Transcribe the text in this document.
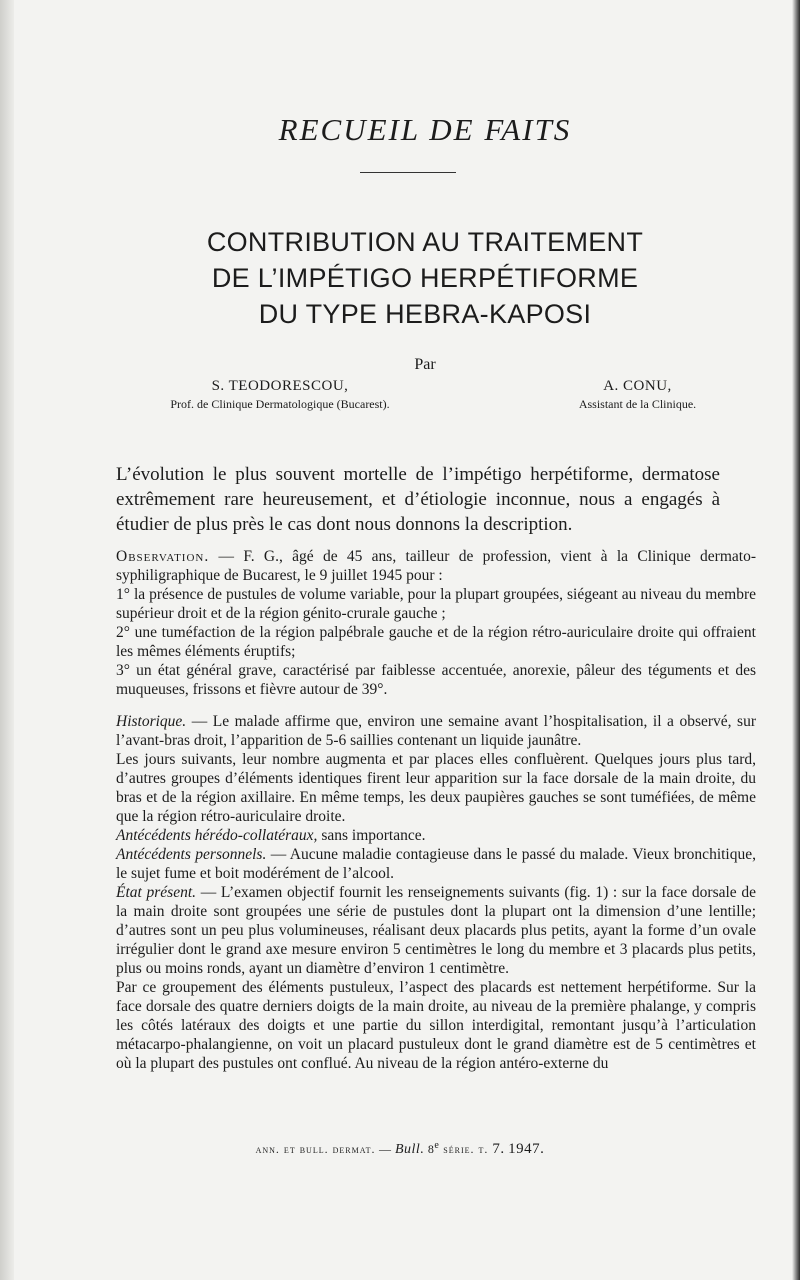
RECUEIL DE FAITS
CONTRIBUTION AU TRAITEMENT
DE L’IMPÉTIGO HERPÉTIFORME
DU TYPE HEBRA-KAPOSI
Par
S. TEODORESCOU,
Prof. de Clinique Dermatologique (Bucarest).
A. CONU,
Assistant de la Clinique.
L’évolution le plus souvent mortelle de l’impétigo herpétiforme, dermatose extrêmement rare heureusement, et d’étiologie inconnue, nous a engagés à étudier de plus près le cas dont nous donnons la description.

Observation. — F. G., âgé de 45 ans, tailleur de profession, vient à la Clinique dermato-syphiligraphique de Bucarest, le 9 juillet 1945 pour :

1° la présence de pustules de volume variable, pour la plupart groupées, siégeant au niveau du membre supérieur droit et de la région génito-crurale gauche ;

2° une tuméfaction de la région palpébrale gauche et de la région rétro-auriculaire droite qui offraient les mêmes éléments éruptifs;

3° un état général grave, caractérisé par faiblesse accentuée, anorexie, pâleur des téguments et des muqueuses, frissons et fièvre autour de 39°.

Historique. — Le malade affirme que, environ une semaine avant l’hospitalisation, il a observé, sur l’avant-bras droit, l’apparition de 5-6 saillies contenant un liquide jaunâtre.

Les jours suivants, leur nombre augmenta et par places elles confluèrent. Quelques jours plus tard, d’autres groupes d’éléments identiques firent leur apparition sur la face dorsale de la main droite, du bras et de la région axillaire. En même temps, les deux paupières gauches se sont tuméfiées, de même que la région rétro-auriculaire droite.

Antécédents hérédo-collatéraux, sans importance.

Antécédents personnels. — Aucune maladie contagieuse dans le passé du malade. Vieux bronchitique, le sujet fume et boit modérément de l’alcool.

État présent. — L’examen objectif fournit les renseignements suivants (fig. 1) : sur la face dorsale de la main droite sont groupées une série de pustules dont la plupart ont la dimension d’une lentille; d’autres sont un peu plus volumineuses, réalisant deux placards plus petits, ayant la forme d’un ovale irrégulier dont le grand axe mesure environ 5 centimètres le long du membre et 3 placards plus petits, plus ou moins ronds, ayant un diamètre d’environ 1 centimètre.

Par ce groupement des éléments pustuleux, l’aspect des placards est nettement herpétiforme. Sur la face dorsale des quatre derniers doigts de la main droite, au niveau de la première phalange, y compris les côtés latéraux des doigts et une partie du sillon interdigital, remontant jusqu’à l’articulation métacarpo-phalangienne, on voit un placard pustuleux dont le grand diamètre est de 5 centimètres et où la plupart des pustules ont conflué. Au niveau de la région antéro-externe du

ann. et bull. dermat. — Bull. 8e série. t. 7. 1947.
